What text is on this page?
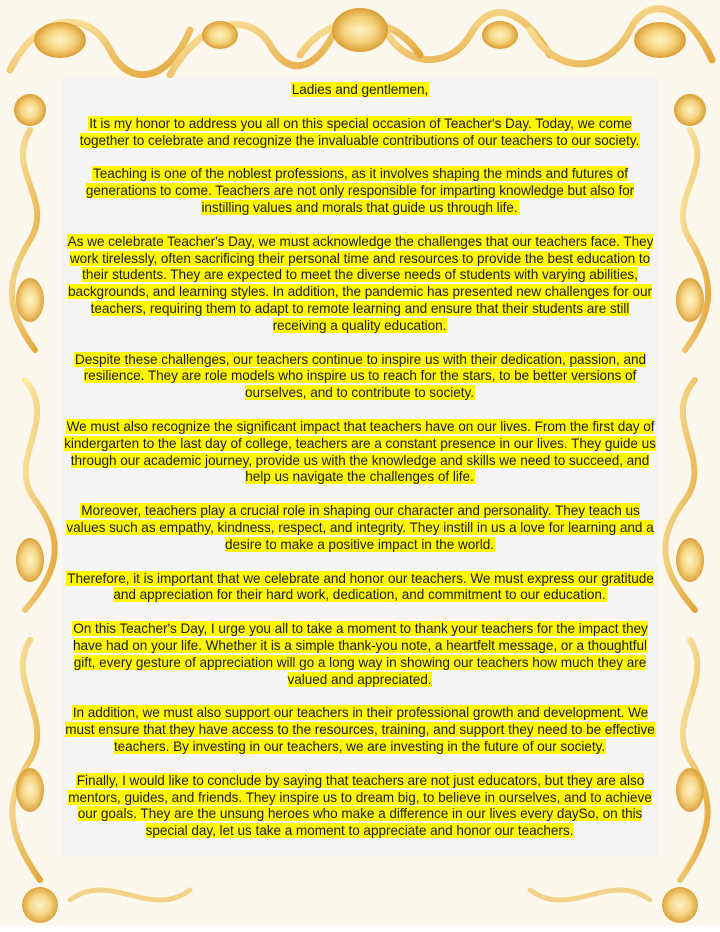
Ladies and gentlemen,

It is my honor to address you all on this special occasion of Teacher's Day. Today, we come together to celebrate and recognize the invaluable contributions of our teachers to our society.

Teaching is one of the noblest professions, as it involves shaping the minds and futures of generations to come. Teachers are not only responsible for imparting knowledge but also for instilling values and morals that guide us through life.

As we celebrate Teacher's Day, we must acknowledge the challenges that our teachers face. They work tirelessly, often sacrificing their personal time and resources to provide the best education to their students. They are expected to meet the diverse needs of students with varying abilities, backgrounds, and learning styles. In addition, the pandemic has presented new challenges for our teachers, requiring them to adapt to remote learning and ensure that their students are still receiving a quality education.

Despite these challenges, our teachers continue to inspire us with their dedication, passion, and resilience. They are role models who inspire us to reach for the stars, to be better versions of ourselves, and to contribute to society.

We must also recognize the significant impact that teachers have on our lives. From the first day of kindergarten to the last day of college, teachers are a constant presence in our lives. They guide us through our academic journey, provide us with the knowledge and skills we need to succeed, and help us navigate the challenges of life.

Moreover, teachers play a crucial role in shaping our character and personality. They teach us values such as empathy, kindness, respect, and integrity. They instill in us a love for learning and a desire to make a positive impact in the world.

Therefore, it is important that we celebrate and honor our teachers. We must express our gratitude and appreciation for their hard work, dedication, and commitment to our education.

On this Teacher's Day, I urge you all to take a moment to thank your teachers for the impact they have had on your life. Whether it is a simple thank-you note, a heartfelt message, or a thoughtful gift, every gesture of appreciation will go a long way in showing our teachers how much they are valued and appreciated.

In addition, we must also support our teachers in their professional growth and development. We must ensure that they have access to the resources, training, and support they need to be effective teachers. By investing in our teachers, we are investing in the future of our society.

Finally, I would like to conclude by saying that teachers are not just educators, but they are also mentors, guides, and friends. They inspire us to dream big, to believe in ourselves, and to achieve our goals. They are the unsung heroes who make a difference in our lives every daySo, on this special day, let us take a moment to appreciate and honor our teachers.
